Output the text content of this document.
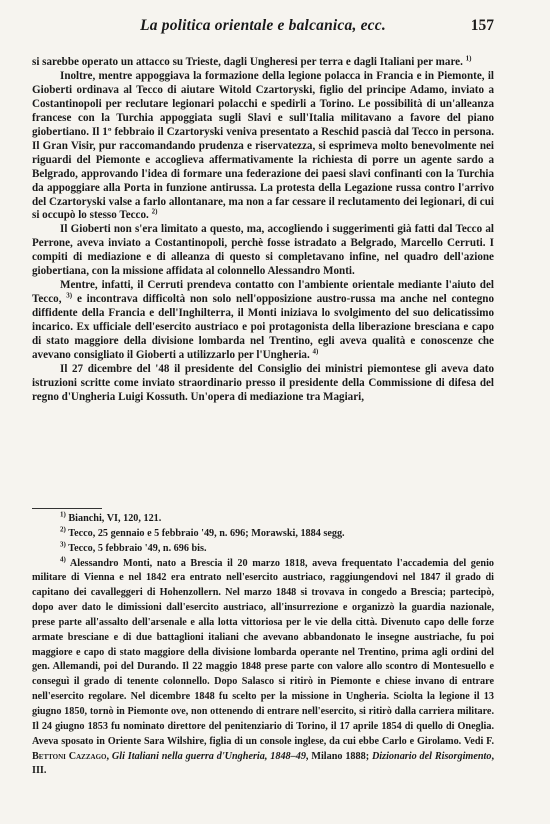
La politica orientale e balcanica, ecc.	157

si sarebbe operato un attacco su Trieste, dagli Ungheresi per terra e dagli Italiani per mare. $^{1)}$

Inoltre, mentre appoggiava la formazione della legione polacca in Francia e in Piemonte, il Gioberti ordinava al Tecco di aiutare Witold Czartoryski, figlio del principe Adamo, inviato a Costantinopoli per reclutare legionari polacchi e spedirli a Torino. Le possibilità di un'alleanza francese con la Turchia appoggiata sugli Slavi e sull'Italia militavano a favore del piano giobertiano. Il 1º febbraio il Czartoryski veniva presentato a Reschid pascià dal Tecco in persona. Il Gran Visir, pur raccomandando prudenza e riservatezza, si esprimeva molto benevolmente nei riguardi del Piemonte e accoglieva affermativamente la richiesta di porre un agente sardo a Belgrado, approvando l'idea di formare una federazione dei paesi slavi confinanti con la Turchia da appoggiare alla Porta in funzione antirussa. La protesta della Legazione russa contro l'arrivo del Czartoryski valse a farlo allontanare, ma non a far cessare il reclutamento dei legionari, di cui si occupò lo stesso Tecco. $^{2)}$

Il Gioberti non s'era limitato a questo, ma, accogliendo i suggerimenti già fatti dal Tecco al Perrone, aveva inviato a Costantinopoli, perchè fosse istradato a Belgrado, Marcello Cerruti. I compiti di mediazione e di alleanza di questo si completavano infine, nel quadro dell'azione giobertiana, con la missione affidata al colonnello Alessandro Monti.

Mentre, infatti, il Cerruti prendeva contatto con l'ambiente orientale mediante l'aiuto del Tecco, $^{3)}$ e incontrava difficoltà non solo nell'opposizione austro-russa ma anche nel contegno diffidente della Francia e dell'Inghilterra, il Monti iniziava lo svolgimento del suo delicatissimo incarico. Ex ufficiale dell'esercito austriaco e poi protagonista della liberazione bresciana e capo di stato maggiore della divisione lombarda nel Trentino, egli aveva qualità e conoscenze che avevano consigliato il Gioberti a utilizzarlo per l'Ungheria. $^{4)}$

Il 27 dicembre del '48 il presidente del Consiglio dei ministri piemontese gli aveva dato istruzioni scritte come inviato straordinario presso il presidente della Commissione di difesa del regno d'Ungheria Luigi Kossuth. Un'opera di mediazione tra Magiari,

$^{1)}$ Bianchi, VI, 120, 121.

$^{2)}$ Tecco, 25 gennaio e 5 febbraio '49, n. 696; Morawski, 1884 segg.

$^{3)}$ Tecco, 5 febbraio '49, n. 696 bis.

$^{4)}$ Alessandro Monti, nato a Brescia il 20 marzo 1818, aveva frequentato l'accademia del genio militare di Vienna e nel 1842 era entrato nell'esercito austriaco, raggiungendovi nel 1847 il grado di capitano dei cavalleggeri di Hohenzollern. Nel marzo 1848 si trovava in congedo a Brescia; partecipò, dopo aver dato le dimissioni dall'esercito austriaco, all'insurrezione e organizzò la guardia nazionale, prese parte all'assalto dell'arsenale e alla lotta vittoriosa per le vie della città. Divenuto capo delle forze armate bresciane e di due battaglioni italiani che avevano abbandonato le insegne austriache, fu poi maggiore e capo di stato maggiore della divisione lombarda operante nel Trentino, prima agli ordini del gen. Allemandi, poi del Durando. Il 22 maggio 1848 prese parte con valore allo scontro di Montesuello e conseguì il grado di tenente colonnello. Dopo Salasco si ritirò in Piemonte e chiese invano di entrare nell'esercito regolare. Nel dicembre 1848 fu scelto per la missione in Ungheria. Sciolta la legione il 13 giugno 1850, tornò in Piemonte ove, non ottenendo di entrare nell'esercito, si ritirò dalla carriera militare. Il 24 giugno 1853 fu nominato direttore del penitenziario di Torino, il 17 aprile 1854 di quello di Oneglia. Aveva sposato in Oriente Sara Wilshire, figlia di un console inglese, da cui ebbe Carlo e Girolamo. Vedi F. Bettoni Cazzago, Gli Italiani nella guerra d'Ungheria, 1848–49, Milano 1888; Dizionario del Risorgimento, III.
